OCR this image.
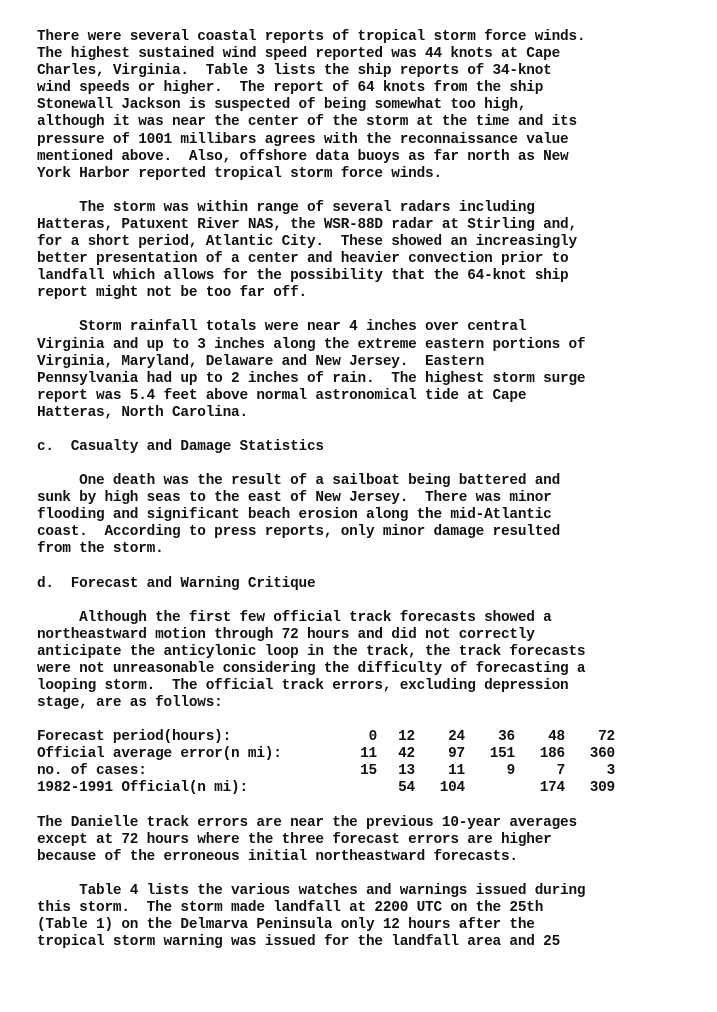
There were several coastal reports of tropical storm force winds.
The highest sustained wind speed reported was 44 knots at Cape
Charles, Virginia.  Table 3 lists the ship reports of 34-knot
wind speeds or higher.  The report of 64 knots from the ship
Stonewall Jackson is suspected of being somewhat too high,
although it was near the center of the storm at the time and its
pressure of 1001 millibars agrees with the reconnaissance value
mentioned above.  Also, offshore data buoys as far north as New
York Harbor reported tropical storm force winds.
The storm was within range of several radars including
Hatteras, Patuxent River NAS, the WSR-88D radar at Stirling and,
for a short period, Atlantic City.  These showed an increasingly
better presentation of a center and heavier convection prior to
landfall which allows for the possibility that the 64-knot ship
report might not be too far off.
Storm rainfall totals were near 4 inches over central
Virginia and up to 3 inches along the extreme eastern portions of
Virginia, Maryland, Delaware and New Jersey.  Eastern
Pennsylvania had up to 2 inches of rain.  The highest storm surge
report was 5.4 feet above normal astronomical tide at Cape
Hatteras, North Carolina.
c.  Casualty and Damage Statistics
One death was the result of a sailboat being battered and
sunk by high seas to the east of New Jersey.  There was minor
flooding and significant beach erosion along the mid-Atlantic
coast.  According to press reports, only minor damage resulted
from the storm.
d.  Forecast and Warning Critique
Although the first few official track forecasts showed a
northeastward motion through 72 hours and did not correctly
anticipate the anticylonic loop in the track, the track forecasts
were not unreasonable considering the difficulty of forecasting a
looping storm.  The official track errors, excluding depression
stage, are as follows:
Forecast period(hours):	0	12	24	36	48	72
Official average error(n mi):	11	42	97	151	186	360
no. of cases:	15	13	11	9	7	3
1982-1991 Official(n mi):		54	104		174	309
The Danielle track errors are near the previous 10-year averages
except at 72 hours where the three forecast errors are higher
because of the erroneous initial northeastward forecasts.
Table 4 lists the various watches and warnings issued during
this storm.  The storm made landfall at 2200 UTC on the 25th
(Table 1) on the Delmarva Peninsula only 12 hours after the
tropical storm warning was issued for the landfall area and 25
